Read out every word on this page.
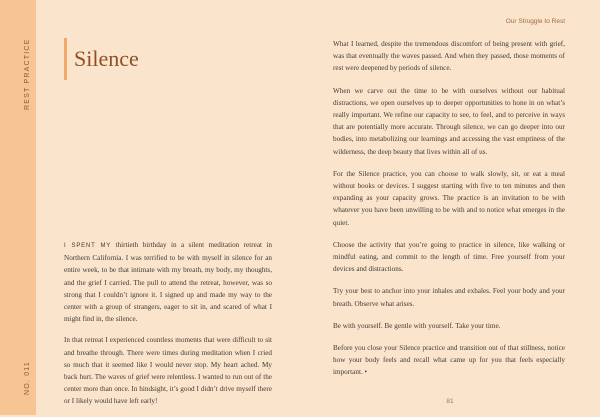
REST PRACTICE
NO. 011
Silence
Our Struggle to Rest

I SPENT MY thirtieth birthday in a silent meditation retreat in Northern California. I was terrified to be with myself in silence for an entire week, to be that intimate with my breath, my body, my thoughts, and the grief I carried. The pull to attend the retreat, however, was so strong that I couldn’t ignore it. I signed up and made my way to the center with a group of strangers, eager to sit in, and scared of what I might find in, the silence.

In that retreat I experienced countless moments that were difficult to sit and breathe through. There were times during meditation when I cried so much that it seemed like I would never stop. My heart ached. My back hurt. The waves of grief were relentless. I wanted to run out of the center more than once. In hindsight, it’s good I didn’t drive myself there or I likely would have left early!

What I learned, despite the tremendous discomfort of being present with grief, was that eventually the waves passed. And when they passed, those moments of rest were deepened by periods of silence.

When we carve out the time to be with ourselves without our habitual distractions, we open ourselves up to deeper opportunities to hone in on what’s really important. We refine our capacity to see, to feel, and to perceive in ways that are potentially more accurate. Through silence, we can go deeper into our bodies, into metabolizing our learnings and accessing the vast emptiness of the wilderness, the deep beauty that lives within all of us.

For the Silence practice, you can choose to walk slowly, sit, or eat a meal without books or devices. I suggest starting with five to ten minutes and then expanding as your capacity grows. The practice is an invitation to be with whatever you have been unwilling to be with and to notice what emerges in the quiet.

Choose the activity that you’re going to practice in silence, like walking or mindful eating, and commit to the length of time. Free yourself from your devices and distractions.

Try your best to anchor into your inhales and exhales. Feel your body and your breath. Observe what arises.

Be with yourself. Be gentle with yourself. Take your time.

Before you close your Silence practice and transition out of that stillness, notice how your body feels and recall what came up for you that feels especially important. •

81
